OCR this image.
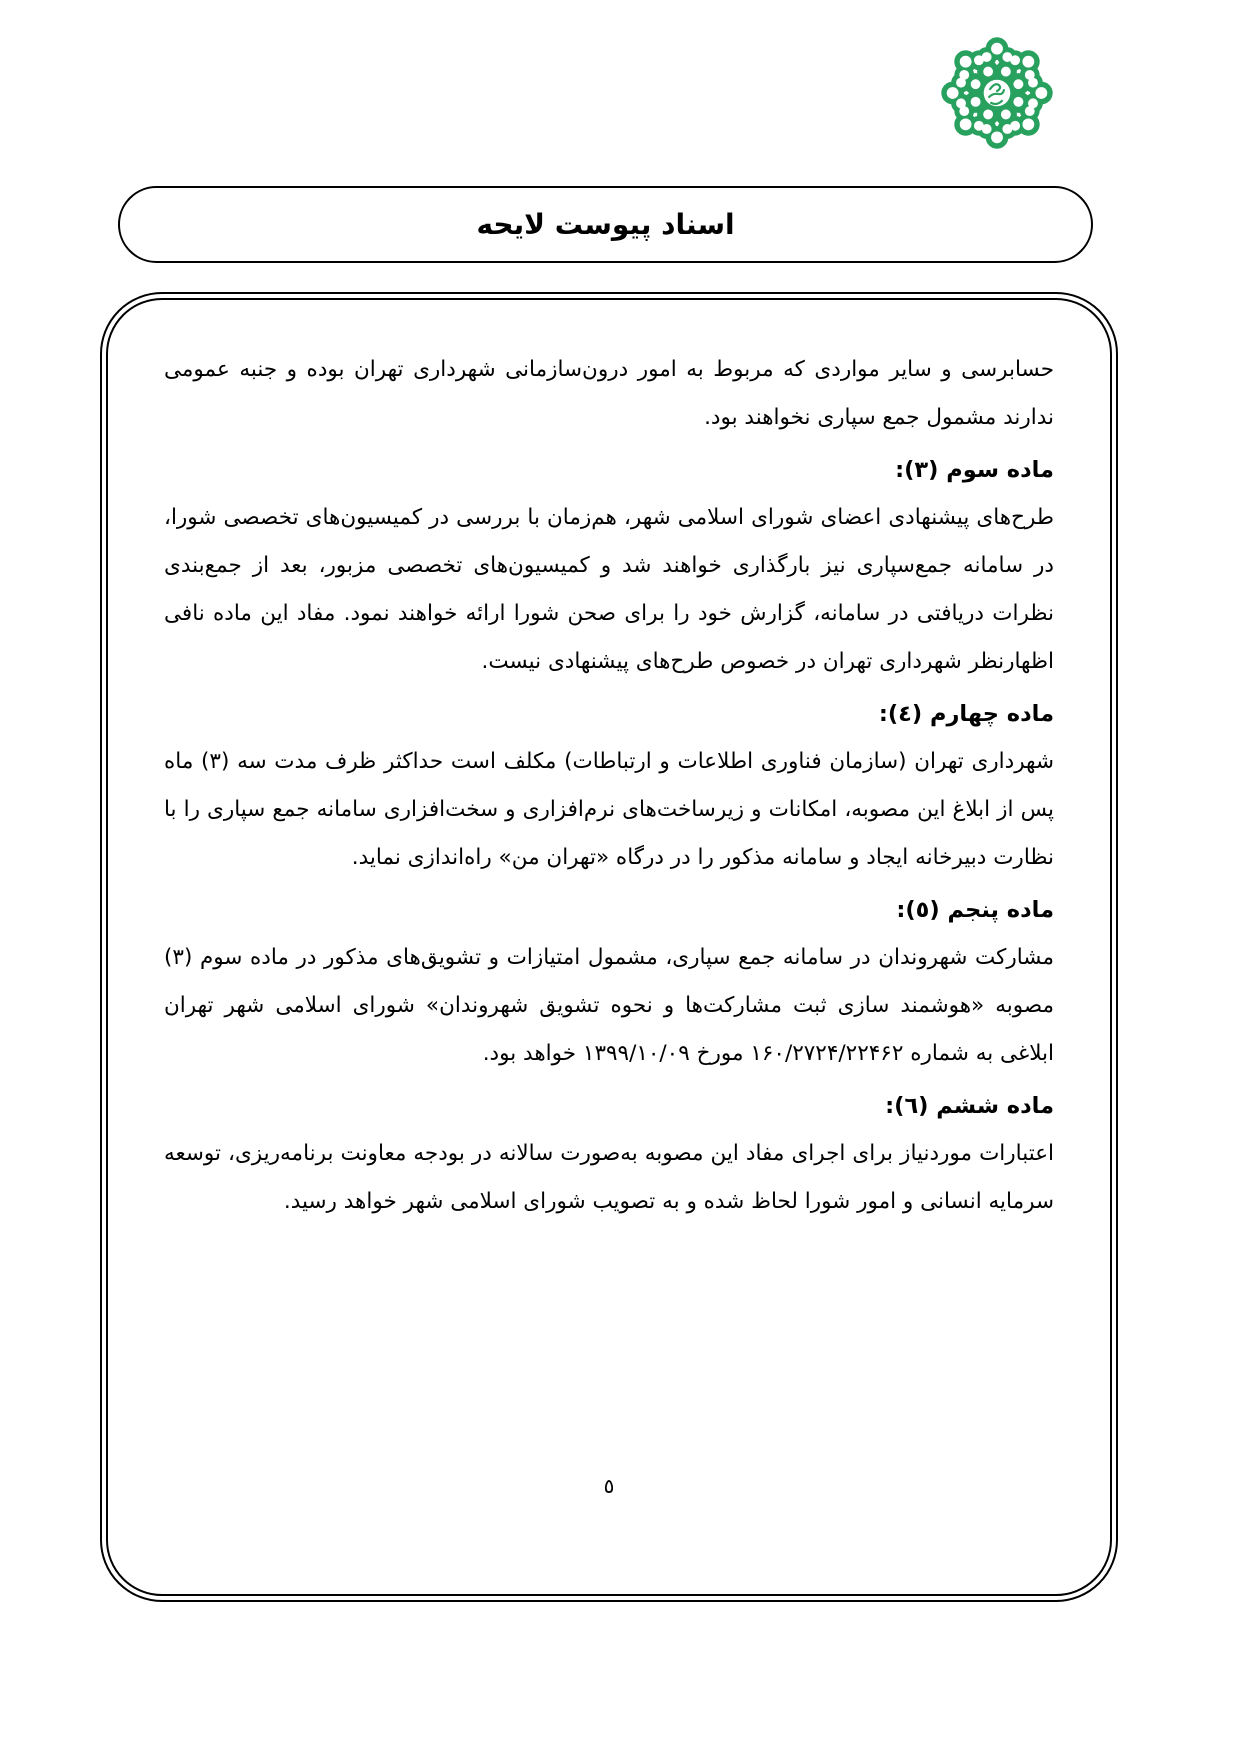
اسناد پیوست لایحه

حسابرسی و سایر مواردی که مربوط به امور درون‌سازمانی شهرداری تهران بوده و جنبه عمومی ندارند مشمول جمع سپاری نخواهند بود.

ماده سوم (۳):

طرح‌های پیشنهادی اعضای شورای اسلامی شهر، هم‌زمان با بررسی در کمیسیون‌های تخصصی شورا، در سامانه جمع‌سپاری نیز بارگذاری خواهند شد و کمیسیون‌های تخصصی مزبور، بعد از جمع‌بندی نظرات دریافتی در سامانه، گزارش خود را برای صحن شورا ارائه خواهند نمود. مفاد این ماده نافی اظهارنظر شهرداری تهران در خصوص طرح‌های پیشنهادی نیست.

ماده چهارم (٤):

شهرداری تهران (سازمان فناوری اطلاعات و ارتباطات) مکلف است حداکثر ظرف مدت سه (۳) ماه پس از ابلاغ این مصوبه، امکانات و زیرساخت‌های نرم‌افزاری و سخت‌افزاری سامانه جمع سپاری را با نظارت دبیرخانه ایجاد و سامانه مذکور را در درگاه «تهران من» راه‌اندازی نماید.

ماده پنجم (٥):

مشارکت شهروندان در سامانه جمع سپاری، مشمول امتیازات و تشویق‌های مذکور در ماده سوم (۳) مصوبه «هوشمند سازی ثبت مشارکت‌ها و نحوه تشویق شهروندان» شورای اسلامی شهر تهران ابلاغی به شماره ۱۶۰/۲۷۲۴/۲۲۴۶۲ مورخ ۱۳۹۹/۱۰/۰۹ خواهد بود.

ماده ششم (٦):

اعتبارات موردنیاز برای اجرای مفاد این مصوبه به‌صورت سالانه در بودجه معاونت برنامه‌ریزی، توسعه سرمایه انسانی و امور شورا لحاظ شده و به تصویب شورای اسلامی شهر خواهد رسید.

٥
